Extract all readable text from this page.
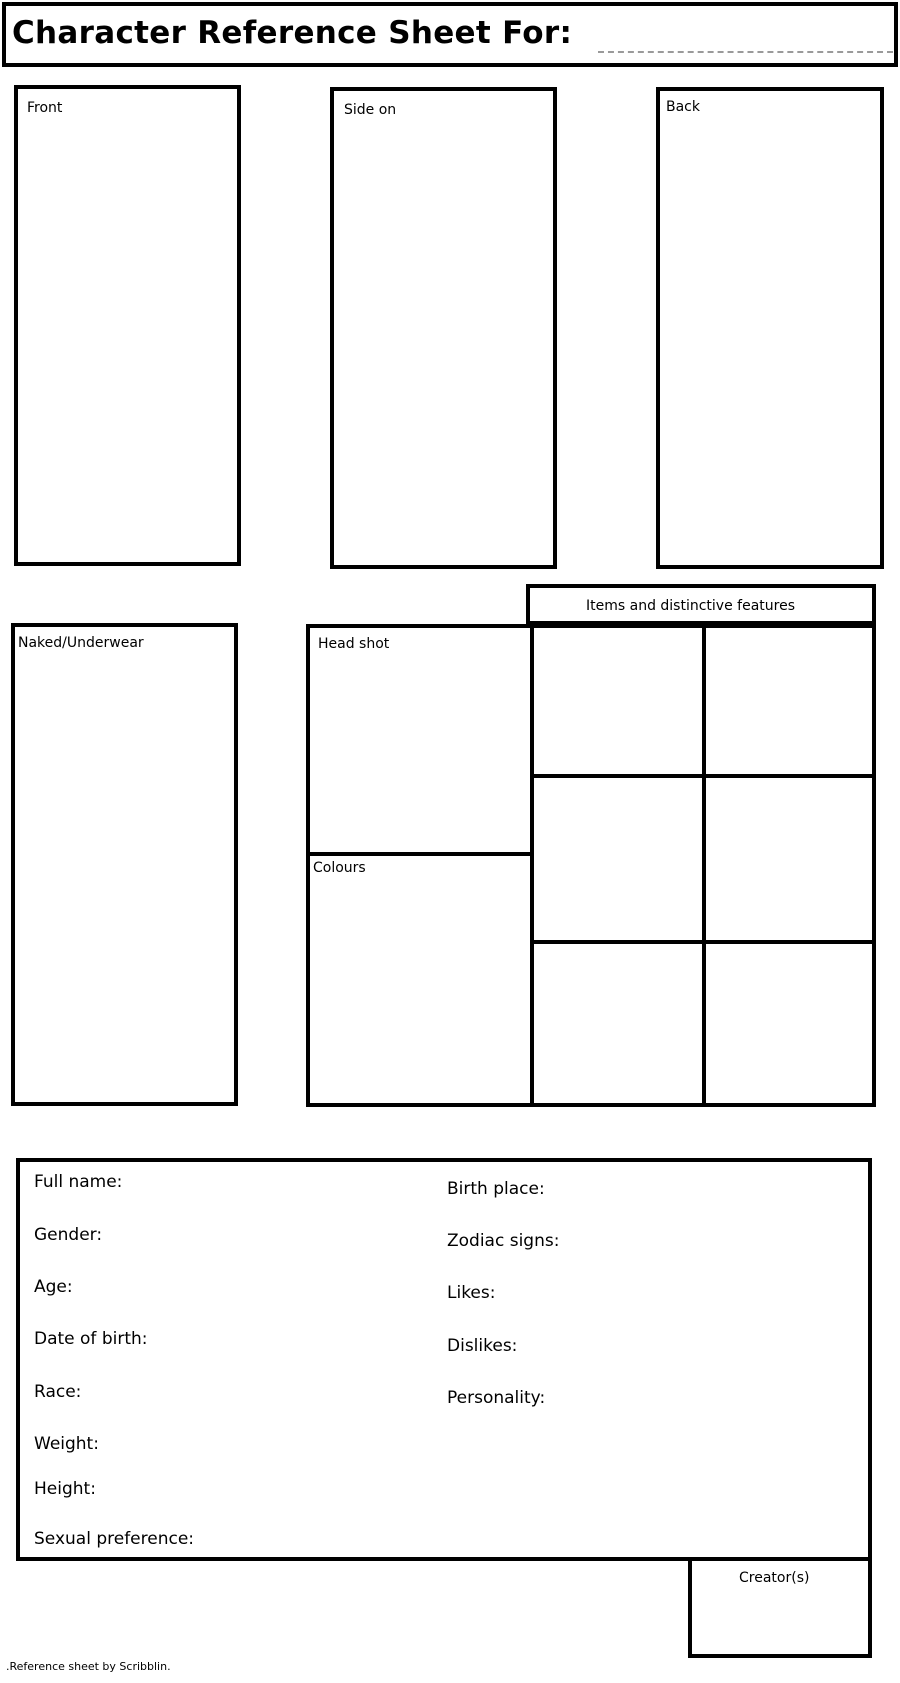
Character Reference Sheet For:
Front	Side on	Back
Naked/Underwear
Items and distinctive features
Head shot
Colours
Full name:
Gender:
Age:
Date of birth:
Race:
Weight:
Height:
Sexual preference:
Birth place:
Zodiac signs:
Likes:
Dislikes:
Personality:
Creator(s)
.Reference sheet by Scribblin.
